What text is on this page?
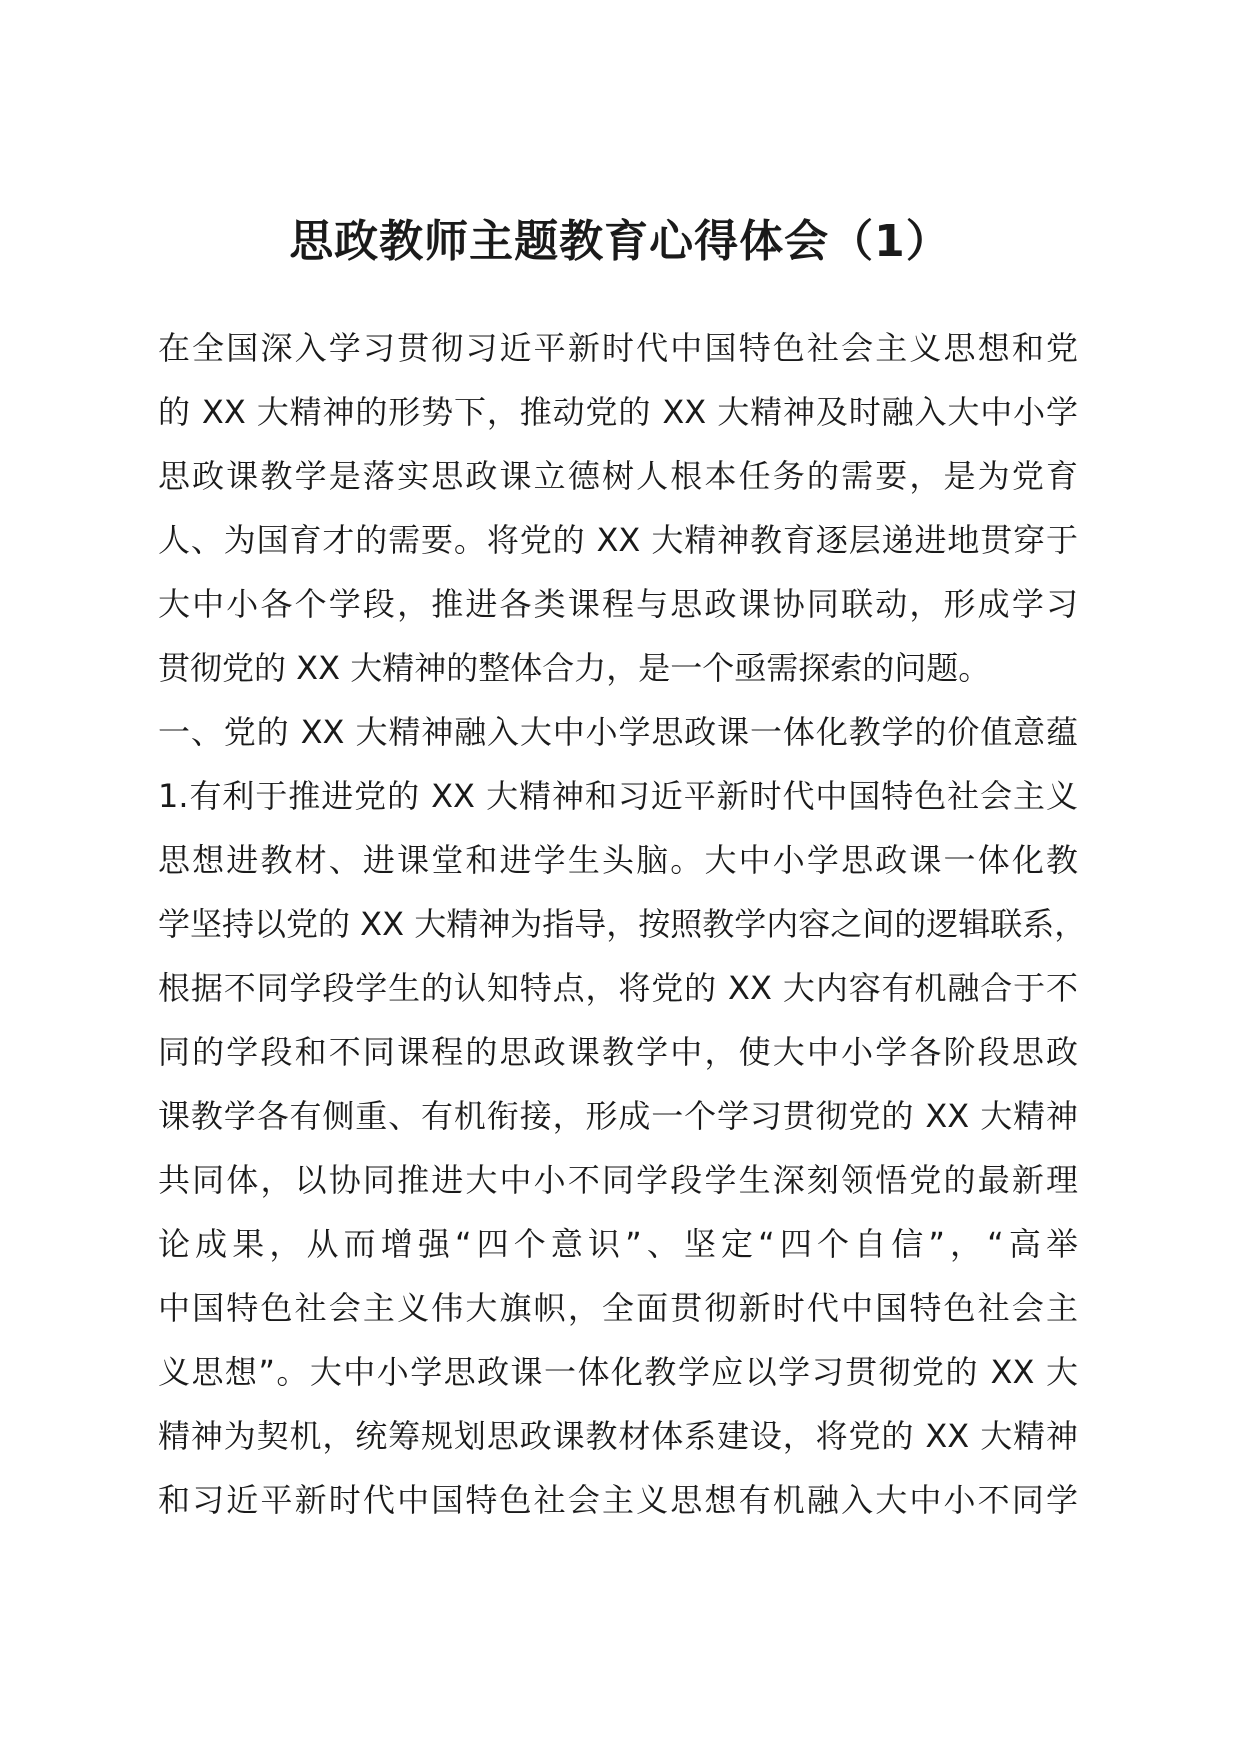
思政教师主题教育心得体会（1）
在全国深入学习贯彻习近平新时代中国特色社会主义思想和党
的 XX 大精神的形势下，推动党的 XX 大精神及时融入大中小学
思政课教学是落实思政课立德树人根本任务的需要，是为党育
人、为国育才的需要。将党的 XX 大精神教育逐层递进地贯穿于
大中小各个学段，推进各类课程与思政课协同联动，形成学习
贯彻党的 XX 大精神的整体合力，是一个亟需探索的问题。
一、党的 XX 大精神融入大中小学思政课一体化教学的价值意蕴
1.有利于推进党的 XX 大精神和习近平新时代中国特色社会主义
思想进教材、进课堂和进学生头脑。大中小学思政课一体化教
学坚持以党的 XX 大精神为指导，按照教学内容之间的逻辑联系，
根据不同学段学生的认知特点，将党的 XX 大内容有机融合于不
同的学段和不同课程的思政课教学中，使大中小学各阶段思政
课教学各有侧重、有机衔接，形成一个学习贯彻党的 XX 大精神
共同体，以协同推进大中小不同学段学生深刻领悟党的最新理
论成果，从而增强“四个意识”、坚定“四个自信”，“高举
中国特色社会主义伟大旗帜，全面贯彻新时代中国特色社会主
义思想”。大中小学思政课一体化教学应以学习贯彻党的 XX 大
精神为契机，统筹规划思政课教材体系建设，将党的 XX 大精神
和习近平新时代中国特色社会主义思想有机融入大中小不同学
